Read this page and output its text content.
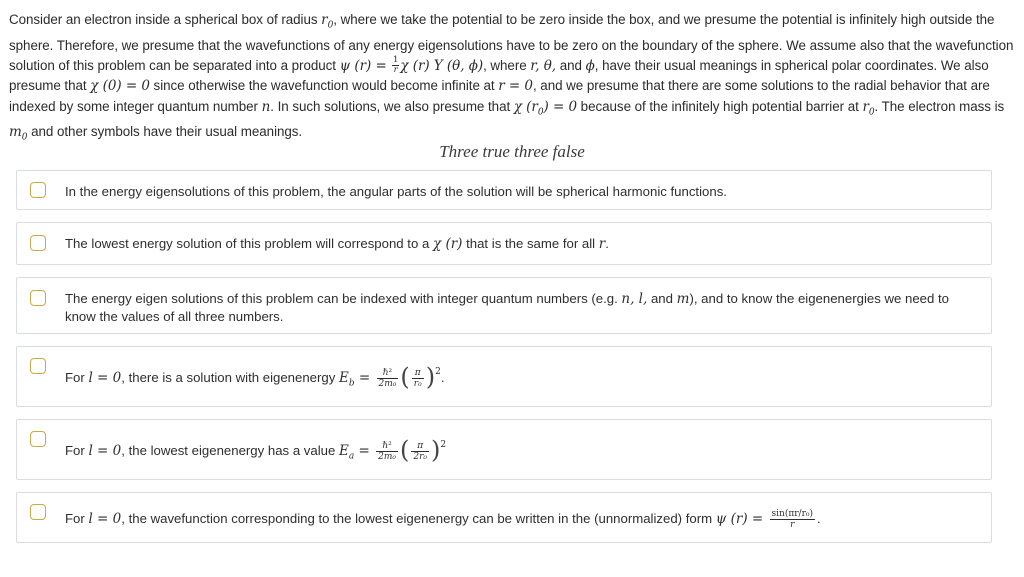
Consider an electron inside a spherical box of radius $r_0$, where we take the potential to be zero inside the box, and we presume the potential is infinitely high outside the sphere. Therefore, we presume that the wavefunctions of any energy eigensolutions have to be zero on the boundary of the sphere. We assume also that the wavefunction solution of this problem can be separated into a product ψ $(r) = \frac{1}{r}$ χ (r) Y (θ, ϕ), where r, θ, and ϕ, have their usual meanings in spherical polar coordinates. We also presume that χ (0) = 0 since otherwise the wavefunction would become infinite at r = 0, and we presume that there are some solutions to the radial behavior that are indexed by some integer quantum number n. In such solutions, we also presume that χ $(r_0) = 0$ because of the infinitely high potential barrier at $r_0$. The electron mass is $m_0$ and other symbols have their usual meanings.

Three true three false
In the energy eigensolutions of this problem, the angular parts of the solution will be spherical harmonic functions.
The lowest energy solution of this problem will correspond to a χ (r) that is the same for all r.
The energy eigen solutions of this problem can be indexed with integer quantum numbers (e.g. n, l, and m), and to know the eigenenergies we need to know the values of all three numbers.
For l = 0, there is a solution with eigenenergy $E_b = \frac{\text{ℏ²}}{\text{2m₀}}$ ( $\frac{\pi}{\text{r₀}} )^2$.
For l = 0, the lowest eigenenergy has a value $E_a = \frac{\text{ℏ²}}{\text{2m₀}}$ ( $\frac{\pi}{\text{2r₀}} )^2$
For l = 0, the wavefunction corresponding to the lowest eigenenergy can be written in the (unnormalized) form ψ $(r) = \frac{\text{sin(πr/r₀)}}{r}$ .
